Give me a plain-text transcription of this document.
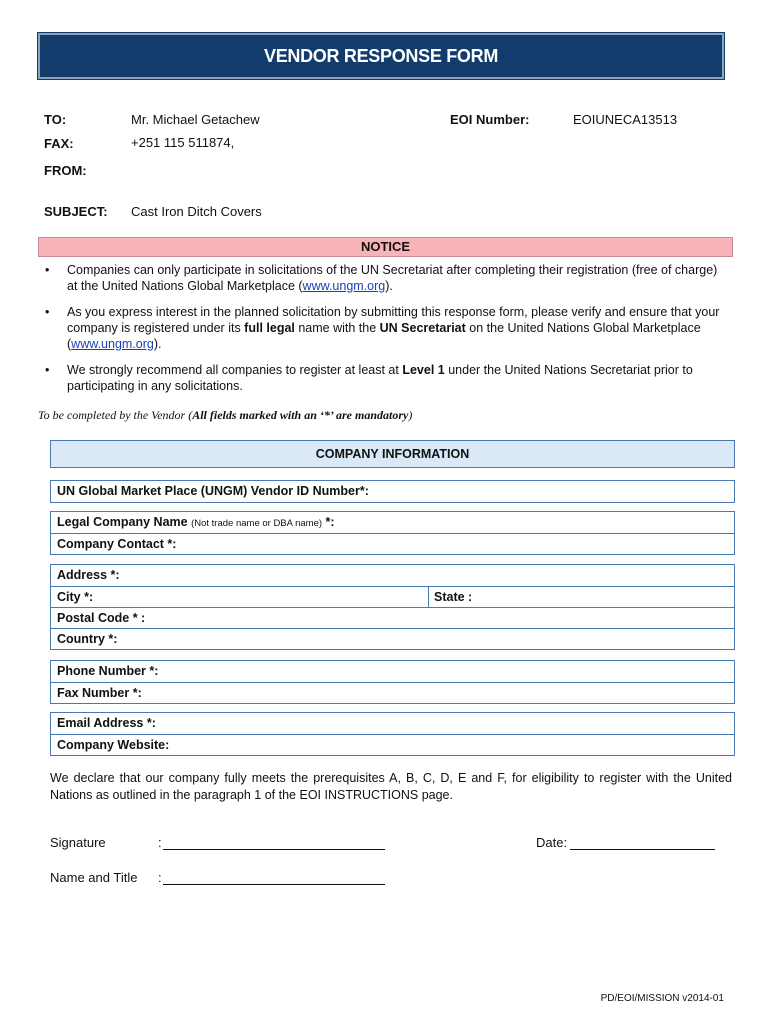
VENDOR RESPONSE FORM
TO:	Mr. Michael Getachew	EOI Number:	EOIUNECA13513
FAX:	+251 115 511874,
FROM:
SUBJECT: Cast Iron Ditch Covers
NOTICE
• Companies can only participate in solicitations of the UN Secretariat after completing their registration (free of charge) at the United Nations Global Marketplace (www.ungm.org).
• As you express interest in the planned solicitation by submitting this response form, please verify and ensure that your company is registered under its full legal name with the UN Secretariat on the United Nations Global Marketplace (www.ungm.org).
• We strongly recommend all companies to register at least at Level 1 under the United Nations Secretariat prior to participating in any solicitations.
To be completed by the Vendor (All fields marked with an ‘*’ are mandatory)
COMPANY INFORMATION
UN Global Market Place (UNGM) Vendor ID Number*:
Legal Company Name (Not trade name or DBA name) *:
Company Contact *:
Address *:
City *:	State :
Postal Code * :
Country *:
Phone Number *:
Fax Number *:
Email Address *:
Company Website:
We declare that our company fully meets the prerequisites A, B, C, D, E and F, for eligibility to register with the United Nations as outlined in the paragraph 1 of the EOI INSTRUCTIONS page.
Signature	:	Date:
Name and Title :
PD/EOI/MISSION v2014-01
